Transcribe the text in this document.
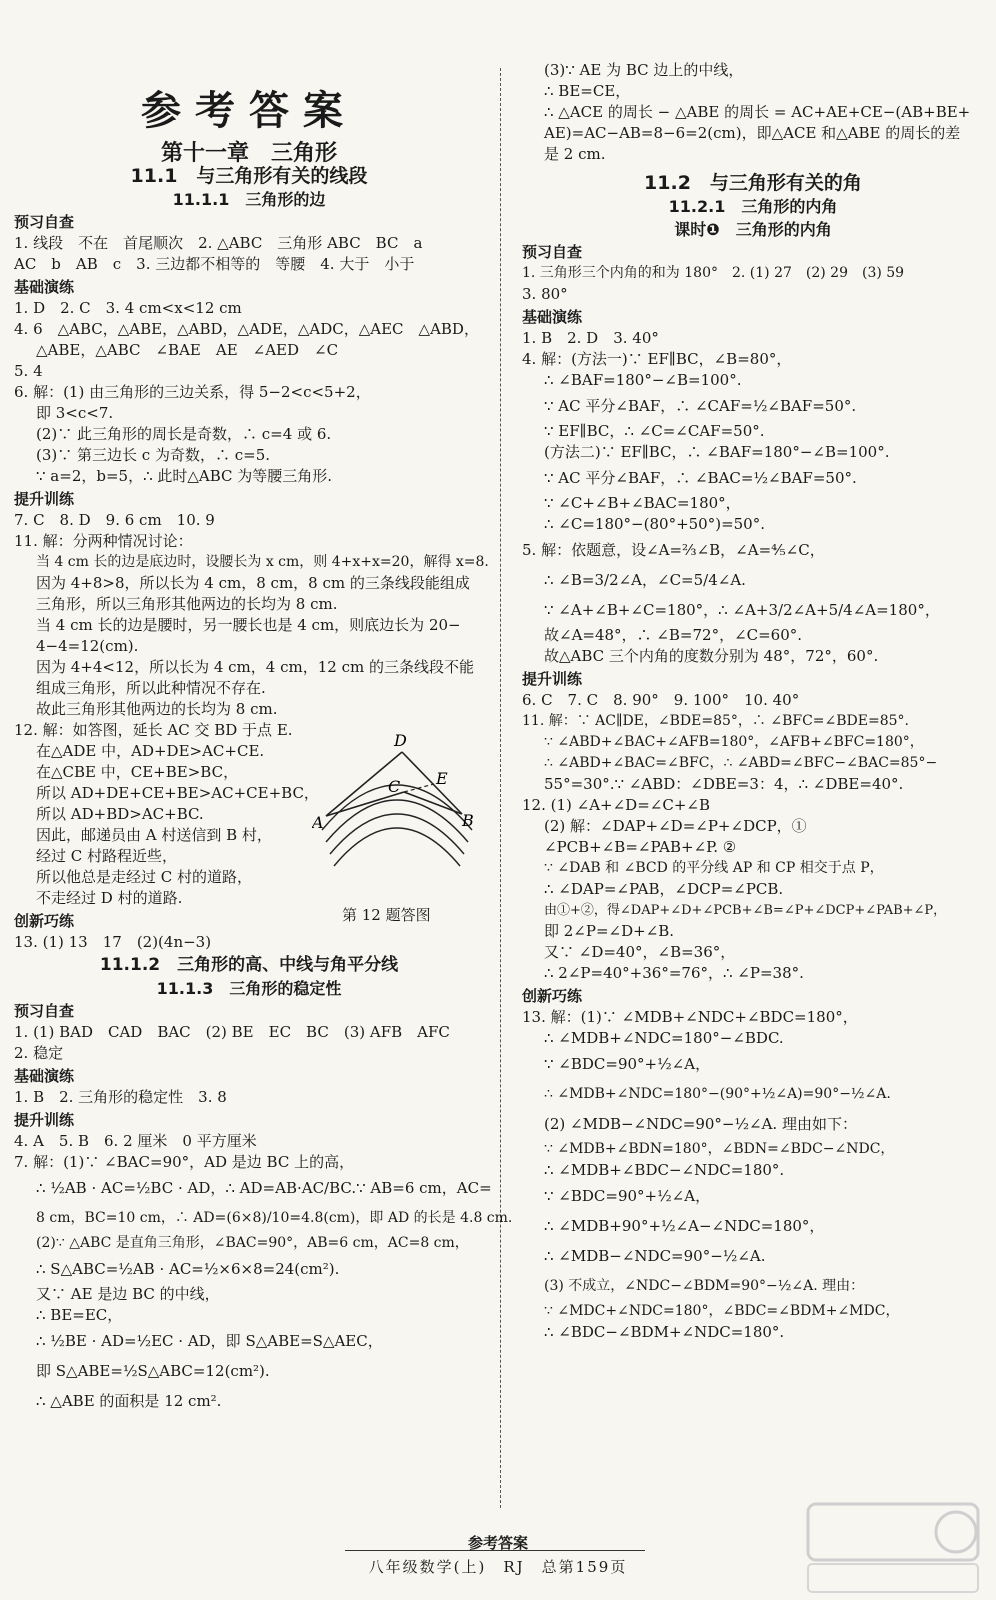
参考答案
第十一章　三角形
11.1　与三角形有关的线段
11.1.1　三角形的边
预习自查
1. 线段　不在　首尾顺次　2. △ABC　三角形 ABC　BC　a
AC　b　AB　c　3. 三边都不相等的　等腰　4. 大于　小于
基础演练
1. D　2. C　3. 4 cm<x<12 cm
4. 6　△ABC，△ABE，△ABD，△ADE，△ADC，△AEC　△ABD，
△ABE，△ABC　∠BAE　AE　∠AED　∠C
5. 4
6. 解：(1) 由三角形的三边关系，得 5−2<c<5+2，
即 3<c<7.
(2)∵ 此三角形的周长是奇数，∴ c=4 或 6.
(3)∵ 第三边长 c 为奇数，∴ c=5.
∵ a=2，b=5，∴ 此时△ABC 为等腰三角形.
提升训练
7. C　8. D　9. 6 cm　10. 9
11. 解：分两种情况讨论：
当 4 cm 长的边是底边时，设腰长为 x cm，则 4+x+x=20，解得 x=8.
因为 4+8>8，所以长为 4 cm，8 cm，8 cm 的三条线段能组成
三角形，所以三角形其他两边的长均为 8 cm.
当 4 cm 长的边是腰时，另一腰长也是 4 cm，则底边长为 20−
4−4=12(cm).
因为 4+4<12，所以长为 4 cm，4 cm，12 cm 的三条线段不能
组成三角形，所以此种情况不存在.
故此三角形其他两边的长均为 8 cm.
12. 解：如答图，延长 AC 交 BD 于点 E.
在△ADE 中，AD+DE>AC+CE.
在△CBE 中，CE+BE>BC，
所以 AD+DE+CE+BE>AC+CE+BC，
所以 AD+BD>AC+BC.
因此，邮递员由 A 村送信到 B 村，
经过 C 村路程近些，
所以他总是走经过 C 村的道路，
不走经过 D 村的道路.
创新巧练
13. (1) 13　17　(2)(4n−3)
11.1.2　三角形的高、中线与角平分线
11.1.3　三角形的稳定性
预习自查
1. (1) BAD　CAD　BAC　(2) BE　EC　BC　(3) AFB　AFC
2. 稳定
基础演练
1. B　2. 三角形的稳定性　3. 8
提升训练
4. A　5. B　6. 2 厘米　0 平方厘米
7. 解：(1)∵ ∠BAC=90°，AD 是边 BC 上的高，
∴ ½AB · AC=½BC · AD，∴ AD=AB·AC/BC.∵ AB=6 cm，AC=
8 cm，BC=10 cm，∴ AD=(6×8)/10=4.8(cm)，即 AD 的长是 4.8 cm.
(2)∵ △ABC 是直角三角形，∠BAC=90°，AB=6 cm，AC=8 cm，
∴ S△ABC=½AB · AC=½×6×8=24(cm²).
又∵ AE 是边 BC 的中线，
∴ BE=EC，
∴ ½BE · AD=½EC · AD，即 S△ABE=S△AEC，
即 S△ABE=½S△ABC=12(cm²).
∴ △ABE 的面积是 12 cm².
D
C E
A	B
第 12 题答图
(3)∵ AE 为 BC 边上的中线，
∴ BE=CE，
∴ △ACE 的周长 − △ABE 的周长 = AC+AE+CE−(AB+BE+
AE)=AC−AB=8−6=2(cm)，即△ACE 和△ABE 的周长的差
是 2 cm.
11.2　与三角形有关的角
11.2.1　三角形的内角
课时❶　三角形的内角
预习自查
1. 三角形三个内角的和为 180°　2. (1) 27　(2) 29　(3) 59
3. 80°
基础演练
1. B　2. D　3. 40°
4. 解：(方法一)∵ EF∥BC，∠B=80°，
∴ ∠BAF=180°−∠B=100°.
∵ AC 平分∠BAF，∴ ∠CAF=½∠BAF=50°.
∵ EF∥BC，∴ ∠C=∠CAF=50°.
(方法二)∵ EF∥BC，∴ ∠BAF=180°−∠B=100°.
∵ AC 平分∠BAF，∴ ∠BAC=½∠BAF=50°.
∵ ∠C+∠B+∠BAC=180°，
∴ ∠C=180°−(80°+50°)=50°.
5. 解：依题意，设∠A=⅔∠B，∠A=⅘∠C，
∴ ∠B=3/2∠A，∠C=5/4∠A.
∵ ∠A+∠B+∠C=180°，∴ ∠A+3/2∠A+5/4∠A=180°，
故∠A=48°，∴ ∠B=72°，∠C=60°.
故△ABC 三个内角的度数分别为 48°，72°，60°.
提升训练
6. C　7. C　8. 90°　9. 100°　10. 40°
11. 解：∵ AC∥DE，∠BDE=85°，∴ ∠BFC=∠BDE=85°.
∵ ∠ABD+∠BAC+∠AFB=180°，∠AFB+∠BFC=180°，
∴ ∠ABD+∠BAC=∠BFC，∴ ∠ABD=∠BFC−∠BAC=85°−
55°=30°.∵ ∠ABD：∠DBE=3：4，∴ ∠DBE=40°.
12. (1) ∠A+∠D=∠C+∠B
(2) 解：∠DAP+∠D=∠P+∠DCP，①
∠PCB+∠B=∠PAB+∠P. ②
∵ ∠DAB 和 ∠BCD 的平分线 AP 和 CP 相交于点 P，
∴ ∠DAP=∠PAB，∠DCP=∠PCB.
由①+②，得∠DAP+∠D+∠PCB+∠B=∠P+∠DCP+∠PAB+∠P，
即 2∠P=∠D+∠B.
又∵ ∠D=40°，∠B=36°，
∴ 2∠P=40°+36°=76°，∴ ∠P=38°.
创新巧练
13. 解：(1)∵ ∠MDB+∠NDC+∠BDC=180°，
∴ ∠MDB+∠NDC=180°−∠BDC.
∵ ∠BDC=90°+½∠A，
∴ ∠MDB+∠NDC=180°−(90°+½∠A)=90°−½∠A.
(2) ∠MDB−∠NDC=90°−½∠A. 理由如下：
∵ ∠MDB+∠BDN=180°，∠BDN=∠BDC−∠NDC，
∴ ∠MDB+∠BDC−∠NDC=180°.
∵ ∠BDC=90°+½∠A，
∴ ∠MDB+90°+½∠A−∠NDC=180°，
∴ ∠MDB−∠NDC=90°−½∠A.
(3) 不成立，∠NDC−∠BDM=90°−½∠A. 理由：
∵ ∠MDC+∠NDC=180°，∠BDC=∠BDM+∠MDC，
∴ ∠BDC−∠BDM+∠NDC=180°.
参考答案
八年级数学(上)　RJ　总第159页
